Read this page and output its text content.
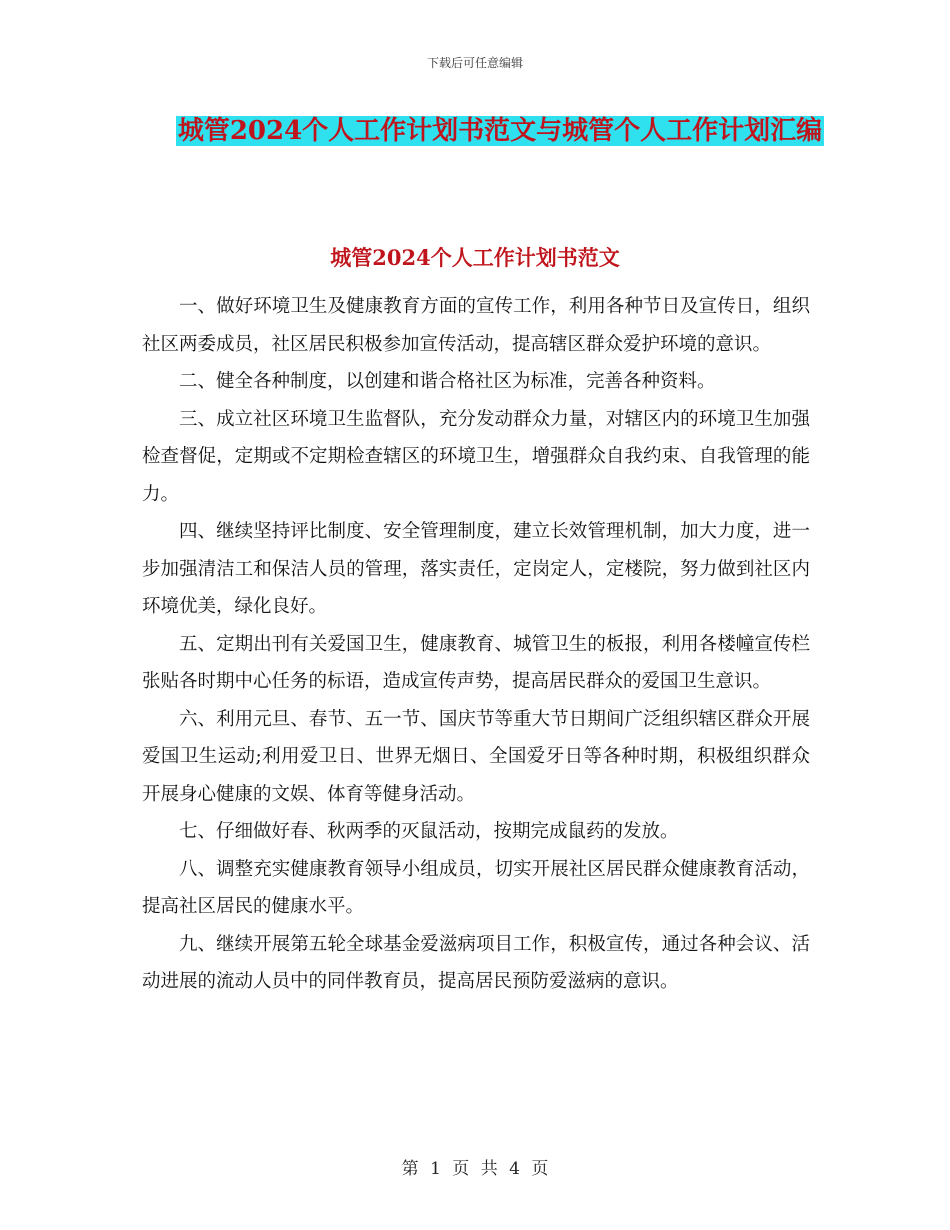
下载后可任意编辑
城管2024个人工作计划书范文与城管个人工作计划汇编
城管2024个人工作计划书范文

一、做好环境卫生及健康教育方面的宣传工作，利用各种节日及宣传日，组织社区两委成员，社区居民积极参加宣传活动，提高辖区群众爱护环境的意识。

二、健全各种制度，以创建和谐合格社区为标准，完善各种资料。

三、成立社区环境卫生监督队，充分发动群众力量，对辖区内的环境卫生加强检查督促，定期或不定期检查辖区的环境卫生，增强群众自我约束、自我管理的能力。

四、继续坚持评比制度、安全管理制度，建立长效管理机制，加大力度，进一步加强清洁工和保洁人员的管理，落实责任，定岗定人，定楼院，努力做到社区内环境优美，绿化良好。

五、定期出刊有关爱国卫生，健康教育、城管卫生的板报，利用各楼幢宣传栏张贴各时期中心任务的标语，造成宣传声势，提高居民群众的爱国卫生意识。

六、利用元旦、春节、五一节、国庆节等重大节日期间广泛组织辖区群众开展爱国卫生运动;利用爱卫日、世界无烟日、全国爱牙日等各种时期，积极组织群众开展身心健康的文娱、体育等健身活动。

七、仔细做好春、秋两季的灭鼠活动，按期完成鼠药的发放。

八、调整充实健康教育领导小组成员，切实开展社区居民群众健康教育活动，提高社区居民的健康水平。

九、继续开展第五轮全球基金爱滋病项目工作，积极宣传，通过各种会议、活动进展的流动人员中的同伴教育员，提高居民预防爱滋病的意识。

第 1 页 共 4 页
